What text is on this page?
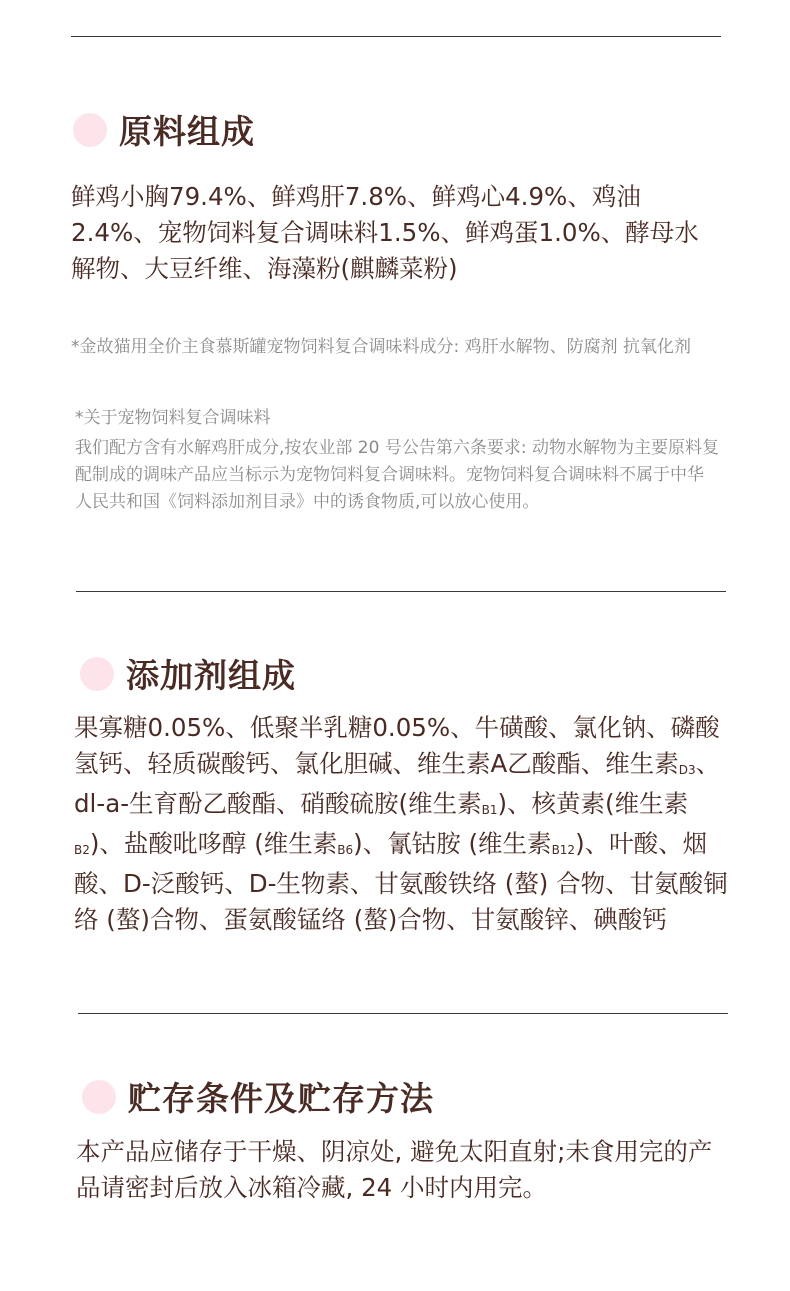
原料组成

鲜鸡小胸79.4%、鲜鸡肝7.8%、鲜鸡心4.9%、鸡油2.4%、宠物饲料复合调味料1.5%、鲜鸡蛋1.0%、酵母水解物、大豆纤维、海藻粉(麒麟菜粉)

*金故猫用全价主食慕斯罐宠物饲料复合调味料成分: 鸡肝水解物、防腐剂 抗氧化剂

*关于宠物饲料复合调味料

我们配方含有水解鸡肝成分,按农业部 20 号公告第六条要求: 动物水解物为主要原料复配制成的调味产品应当标示为宠物饲料复合调味料。宠物饲料复合调味料不属于中华人民共和国《饲料添加剂目录》中的诱食物质,可以放心使用。

添加剂组成

果寡糖0.05%、低聚半乳糖0.05%、牛磺酸、氯化钠、磷酸氢钙、轻质碳酸钙、氯化胆碱、维生素A乙酸酯、维生素$_{D3}$、dl-a-生育酚乙酸酯、硝酸硫胺(维生素$_{B1}$)、核黄素(维生素$_{B2}$)、盐酸吡哆醇 (维生素$_{B6}$)、氰钴胺 (维生素$_{B12}$)、叶酸、烟酸、D-泛酸钙、D-生物素、甘氨酸铁络 (螯) 合物、甘氨酸铜络 (螯)合物、蛋氨酸锰络 (螯)合物、甘氨酸锌、碘酸钙

贮存条件及贮存方法

本产品应储存于干燥、阴凉处, 避免太阳直射;未食用完的产品请密封后放入冰箱冷藏, 24 小时内用完。
